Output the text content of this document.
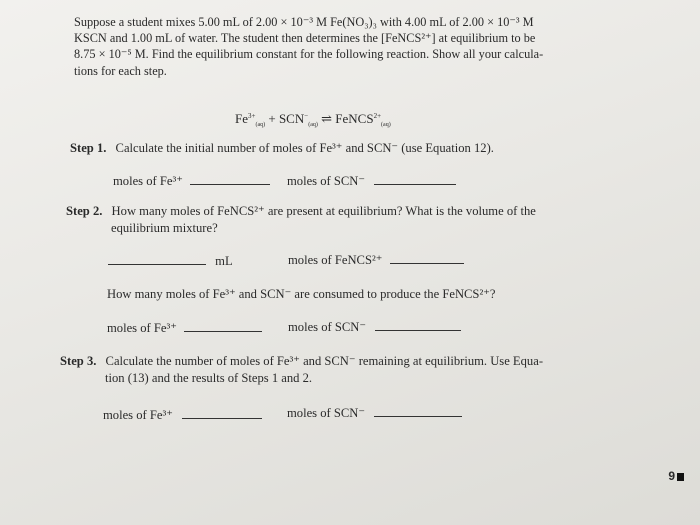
Suppose a student mixes 5.00 mL of 2.00 × 10⁻³ M Fe(NO₃)₃ with 4.00 mL of 2.00 × 10⁻³ M
KSCN and 1.00 mL of water. The student then determines the [FeNCS²⁺] at equilibrium to be
8.75 × 10⁻⁵ M. Find the equilibrium constant for the following reaction. Show all your calcula-
tions for each step.
$Fe^{3+}_{(aq)} + SCN^-_{(aq)}$ ⇌ FeNCS$^{2+}_{(aq)}$
Step 1. Calculate the initial number of moles of Fe³⁺ and SCN⁻ (use Equation 12).
moles of Fe³⁺	moles of SCN⁻
Step 2. How many moles of FeNCS²⁺ are present at equilibrium? What is the volume of the
equilibrium mixture?
mL	moles of FeNCS²⁺
How many moles of Fe³⁺ and SCN⁻ are consumed to produce the FeNCS²⁺?
moles of Fe³⁺	moles of SCN⁻
Step 3. Calculate the number of moles of Fe³⁺ and SCN⁻ remaining at equilibrium. Use Equa-
tion (13) and the results of Steps 1 and 2.
moles of Fe³⁺	moles of SCN⁻
9
